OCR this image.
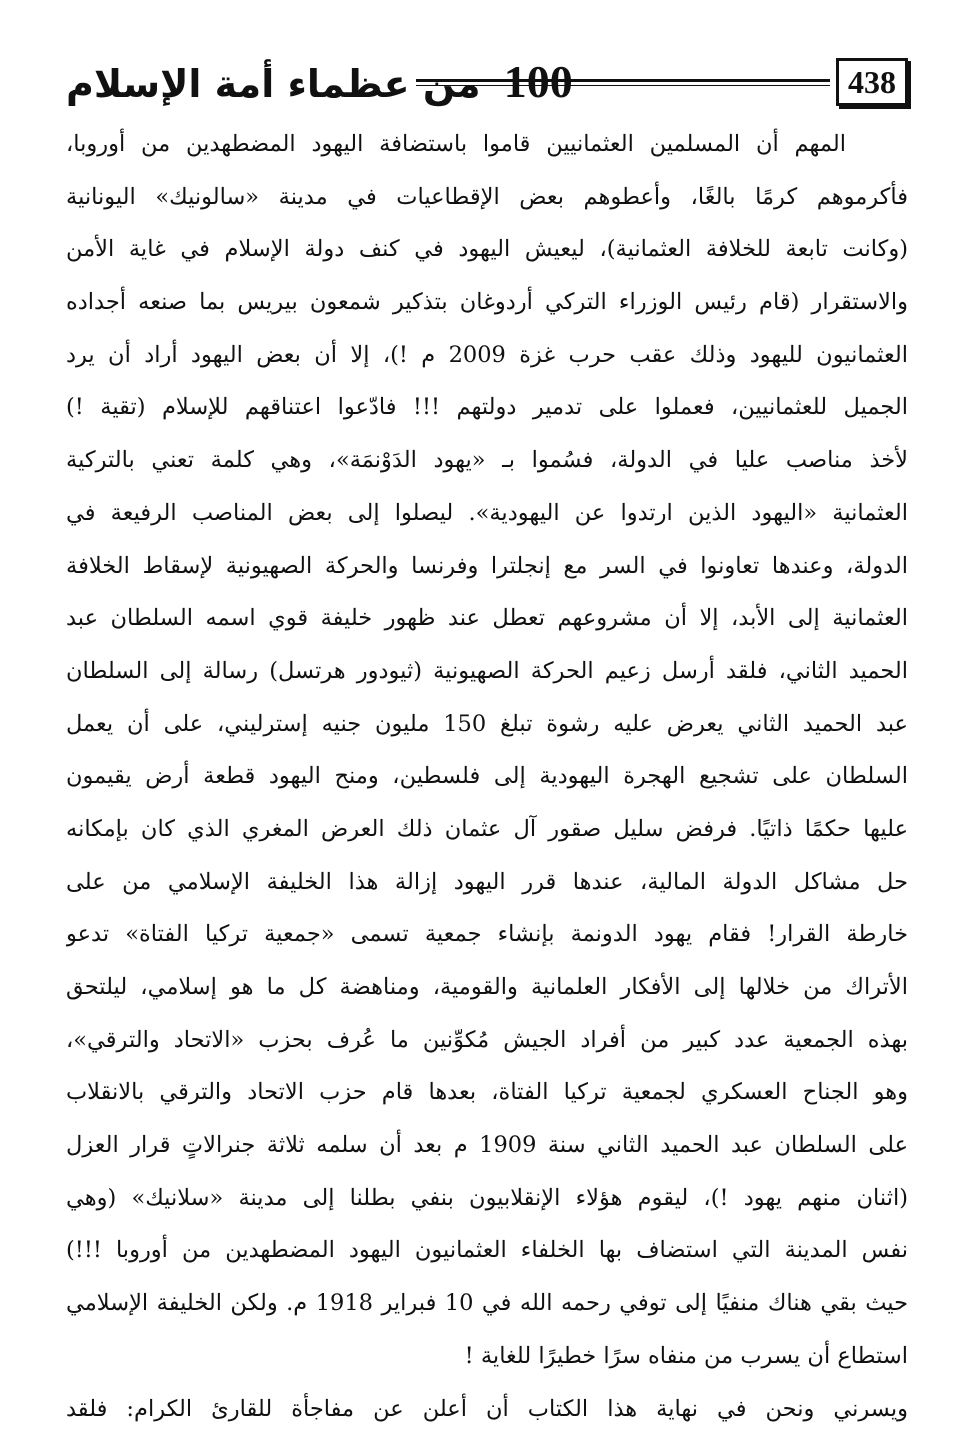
100 من عظماء أمة الإسلام	438
المهم أن المسلمين العثمانيين قاموا باستضافة اليهود المضطهدين من أوروبا،
فأكرموهم كرمًا بالغًا، وأعطوهم بعض الإقطاعيات في مدينة «سالونيك» اليونانية
(وكانت تابعة للخلافة العثمانية)، ليعيش اليهود في كنف دولة الإسلام في غاية الأمن
والاستقرار (قام رئيس الوزراء التركي أردوغان بتذكير شمعون بيريس بما صنعه أجداده
العثمانيون لليهود وذلك عقب حرب غزة 2009 م !)، إلا أن بعض اليهود أراد أن يرد
الجميل للعثمانيين، فعملوا على تدمير دولتهم !!! فادّعوا اعتناقهم للإسلام (تقية !)
لأخذ مناصب عليا في الدولة، فسُموا بـ «يهود الدَوْنمَة»، وهي كلمة تعني بالتركية
العثمانية «اليهود الذين ارتدوا عن اليهودية». ليصلوا إلى بعض المناصب الرفيعة في
الدولة، وعندها تعاونوا في السر مع إنجلترا وفرنسا والحركة الصهيونية لإسقاط الخلافة
العثمانية إلى الأبد، إلا أن مشروعهم تعطل عند ظهور خليفة قوي اسمه السلطان عبد
الحميد الثاني، فلقد أرسل زعيم الحركة الصهيونية (ثيودور هرتسل) رسالة إلى السلطان
عبد الحميد الثاني يعرض عليه رشوة تبلغ 150 مليون جنيه إسترليني، على أن يعمل
السلطان على تشجيع الهجرة اليهودية إلى فلسطين، ومنح اليهود قطعة أرض يقيمون
عليها حكمًا ذاتيًا. فرفض سليل صقور آل عثمان ذلك العرض المغري الذي كان بإمكانه
حل مشاكل الدولة المالية، عندها قرر اليهود إزالة هذا الخليفة الإسلامي من على
خارطة القرار! فقام يهود الدونمة بإنشاء جمعية تسمى «جمعية تركيا الفتاة» تدعو
الأتراك من خلالها إلى الأفكار العلمانية والقومية، ومناهضة كل ما هو إسلامي، ليلتحق
بهذه الجمعية عدد كبير من أفراد الجيش مُكوِّنين ما عُرف بحزب «الاتحاد والترقي»،
وهو الجناح العسكري لجمعية تركيا الفتاة، بعدها قام حزب الاتحاد والترقي بالانقلاب
على السلطان عبد الحميد الثاني سنة 1909 م بعد أن سلمه ثلاثة جنرالاتٍ قرار العزل
(اثنان منهم يهود !)، ليقوم هؤلاء الإنقلابيون بنفي بطلنا إلى مدينة «سلانيك» (وهي
نفس المدينة التي استضاف بها الخلفاء العثمانيون اليهود المضطهدين من أوروبا !!!)
حيث بقي هناك منفيًا إلى توفي رحمه الله في 10 فبراير 1918 م. ولكن الخليفة الإسلامي
استطاع أن يسرب من منفاه سرًا خطيرًا للغاية !
ويسرني ونحن في نهاية هذا الكتاب أن أعلن عن مفاجأة للقارئ الكرام: فلقد
